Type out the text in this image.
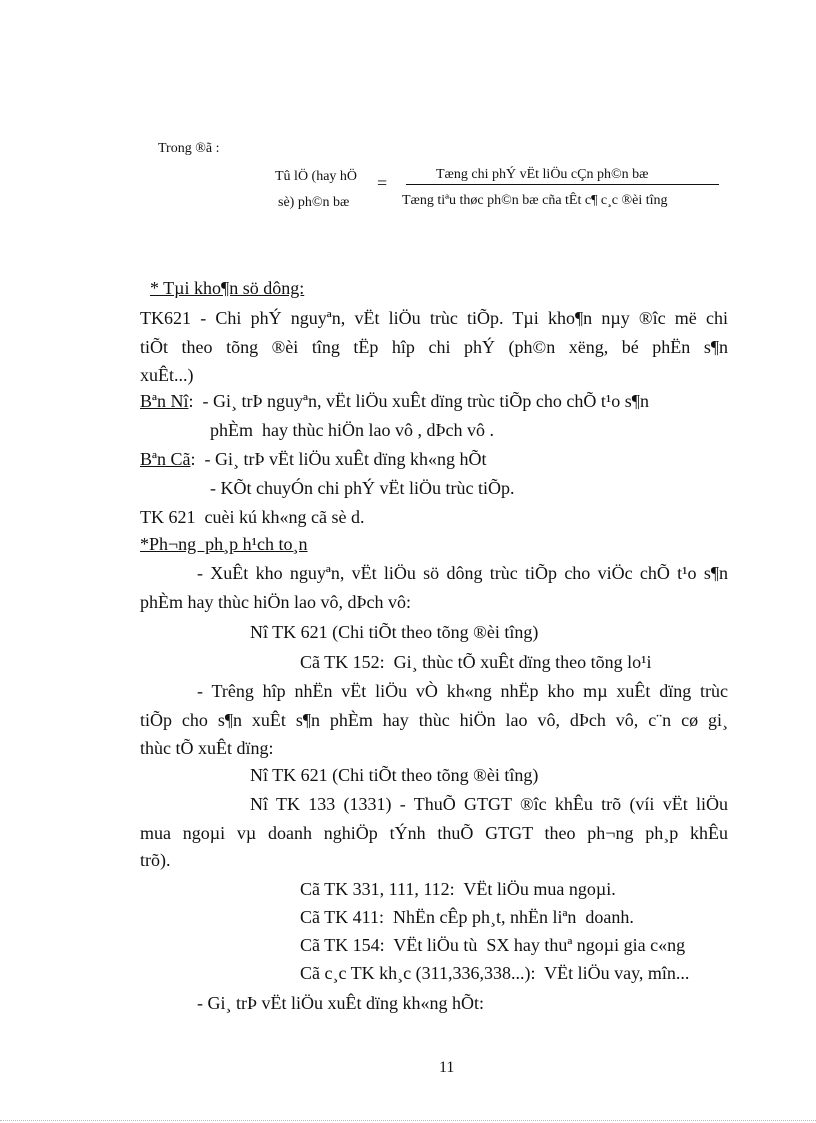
Trong ®ã :
Tû lÖ (hay hÖ
sè) ph©n bæ
=	Tæng chi phÝ vËt liÖu cÇn ph©n bæ
Tæng tiªu thøc ph©n bæ cña tÊt c¶ c¸c ®èi tîng
* Tµi kho¶n sö dông:
TK621 - Chi phÝ nguyªn, vËt liÖu trùc tiÕp. Tµi kho¶n nµy ®îc më chi
tiÕt theo tõng ®èi tîng tËp hîp chi phÝ (ph©n xëng, bé phËn s¶n
xuÊt...)
Bªn Nî:  - Gi¸ trÞ nguyªn, vËt liÖu xuÊt dïng trùc tiÕp cho chÕ t¹o s¶n
phÈm  hay thùc hiÖn lao vô , dÞch vô .
Bªn Cã:  - Gi¸ trÞ vËt liÖu xuÊt dïng kh«ng hÕt
- KÕt chuyÓn chi phÝ vËt liÖu trùc tiÕp.
TK 621  cuèi kú kh«ng cã sè d.
*Ph¬ng  ph¸p h¹ch to¸n
- XuÊt kho nguyªn, vËt liÖu sö dông trùc tiÕp cho viÖc chÕ t¹o s¶n
phÈm hay thùc hiÖn lao vô, dÞch vô:
Nî TK 621 (Chi tiÕt theo tõng ®èi tîng)
Cã TK 152:  Gi¸ thùc tÕ xuÊt dïng theo tõng lo¹i
- Trêng hîp nhËn vËt liÖu vÒ kh«ng nhËp kho mµ xuÊt dïng trùc
tiÕp cho s¶n xuÊt s¶n phÈm hay thùc hiÖn lao vô, dÞch vô, c¨n cø gi¸
thùc tÕ xuÊt dïng:
Nî TK 621 (Chi tiÕt theo tõng ®èi tîng)
Nî TK 133 (1331) - ThuÕ GTGT ®îc khÊu trõ (víi vËt liÖu
mua ngoµi vµ doanh nghiÖp tÝnh thuÕ GTGT theo ph¬ng ph¸p khÊu
trõ).
Cã TK 331, 111, 112:  VËt liÖu mua ngoµi.
Cã TK 411:  NhËn cÊp ph¸t, nhËn liªn  doanh.
Cã TK 154:  VËt liÖu tù  SX hay thuª ngoµi gia c«ng
Cã c¸c TK kh¸c (311,336,338...):  VËt liÖu vay, mîn...
- Gi¸ trÞ vËt liÖu xuÊt dïng kh«ng hÕt:
11
